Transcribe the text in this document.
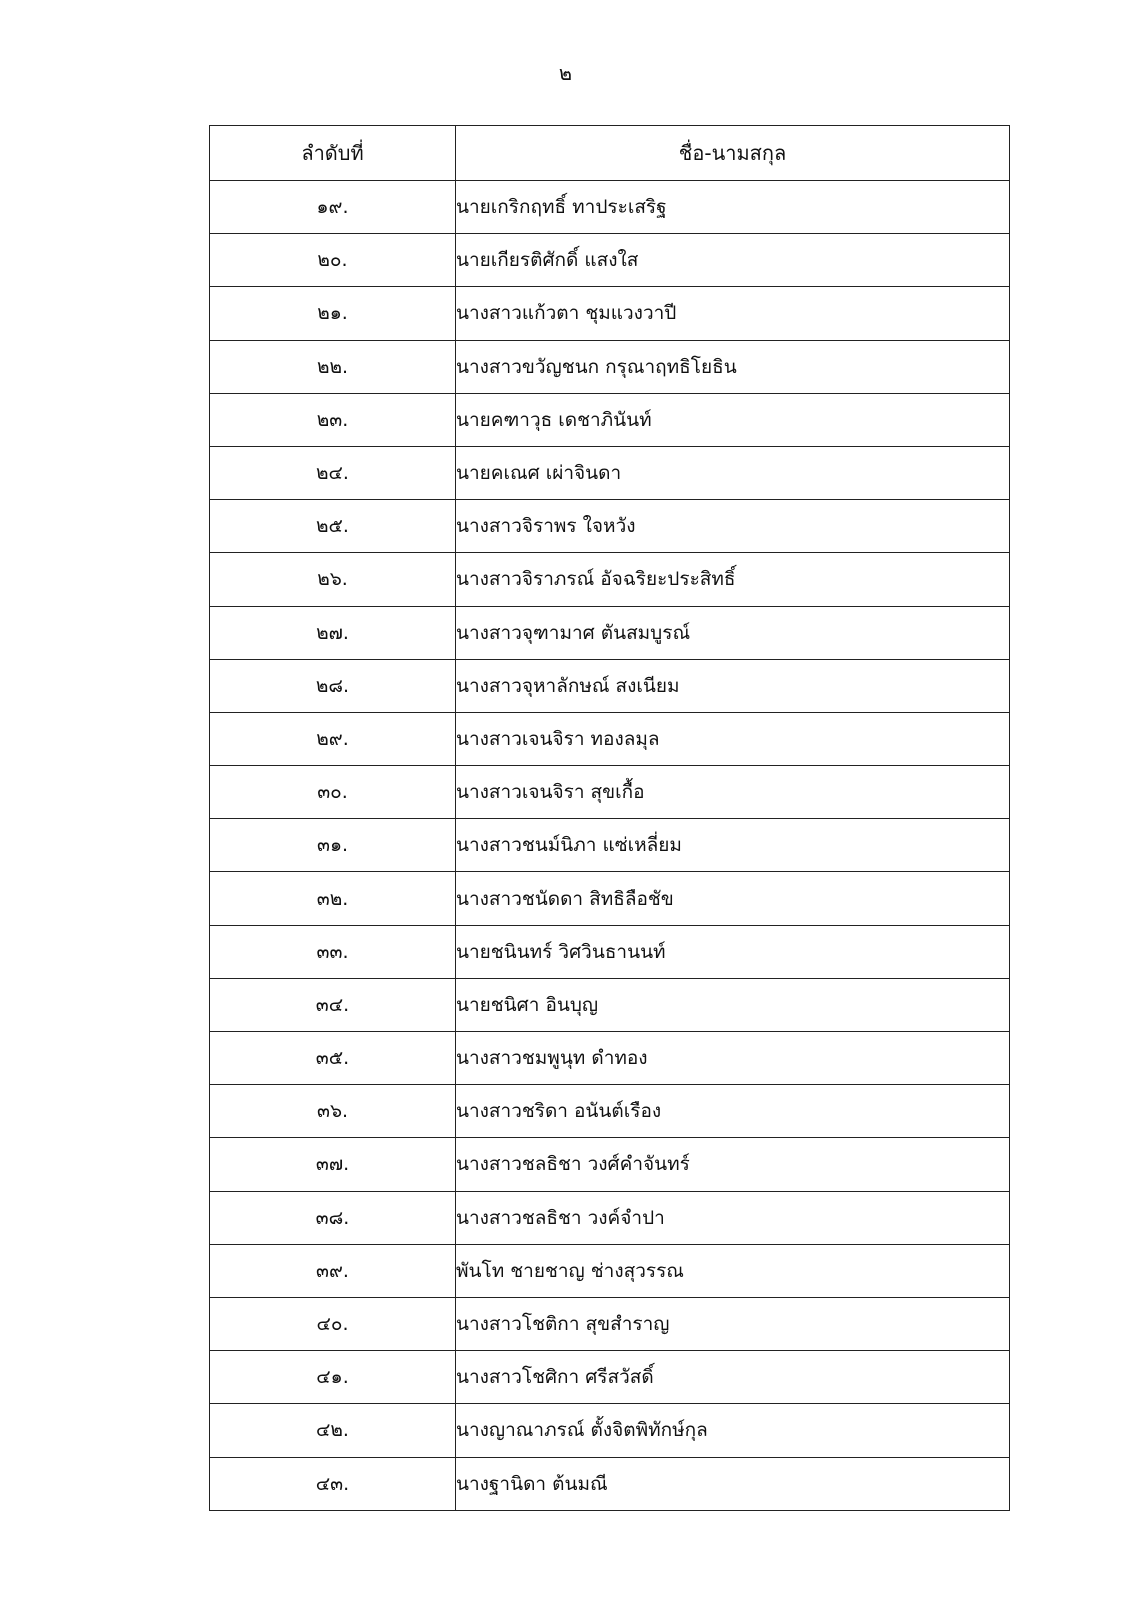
๒
ลำดับที่	ชื่อ-นามสกุล
๑๙.	นายเกริกฤทธิ์ ทาประเสริฐ
๒๐.	นายเกียรติศักดิ์ แสงใส
๒๑.	นางสาวแก้วตา ชุมแวงวาปี
๒๒.	นางสาวขวัญชนก กรุณาฤทธิโยธิน
๒๓.	นายคฑาวุธ เดชาภินันท์
๒๔.	นายคเณศ เผ่าจินดา
๒๕.	นางสาวจิราพร ใจหวัง
๒๖.	นางสาวจิราภรณ์ อัจฉริยะประสิทธิ์
๒๗.	นางสาวจุฑามาศ ตันสมบูรณ์
๒๘.	นางสาวจุหาลักษณ์ สงเนียม
๒๙.	นางสาวเจนจิรา ทองลมุล
๓๐.	นางสาวเจนจิรา สุขเกื้อ
๓๑.	นางสาวชนม์นิภา แซ่เหลี่ยม
๓๒.	นางสาวชนัดดา สิทธิลือชัข
๓๓.	นายชนินทร์ วิศวินธานนท์
๓๔.	นายชนิศา อินบุญ
๓๕.	นางสาวชมพูนุท ดำทอง
๓๖.	นางสาวชริดา อนันต์เรือง
๓๗.	นางสาวชลธิชา วงศ์คำจันทร์
๓๘.	นางสาวชลธิชา วงค์จำปา
๓๙.	พันโท ชายชาญ ช่างสุวรรณ
๔๐.	นางสาวโชติกา สุขสำราญ
๔๑.	นางสาวโชศิกา ศรีสวัสดิ์
๔๒.	นางญาณาภรณ์ ตั้งจิตพิทักษ์กุล
๔๓.	นางฐานิดา ต้นมณี
